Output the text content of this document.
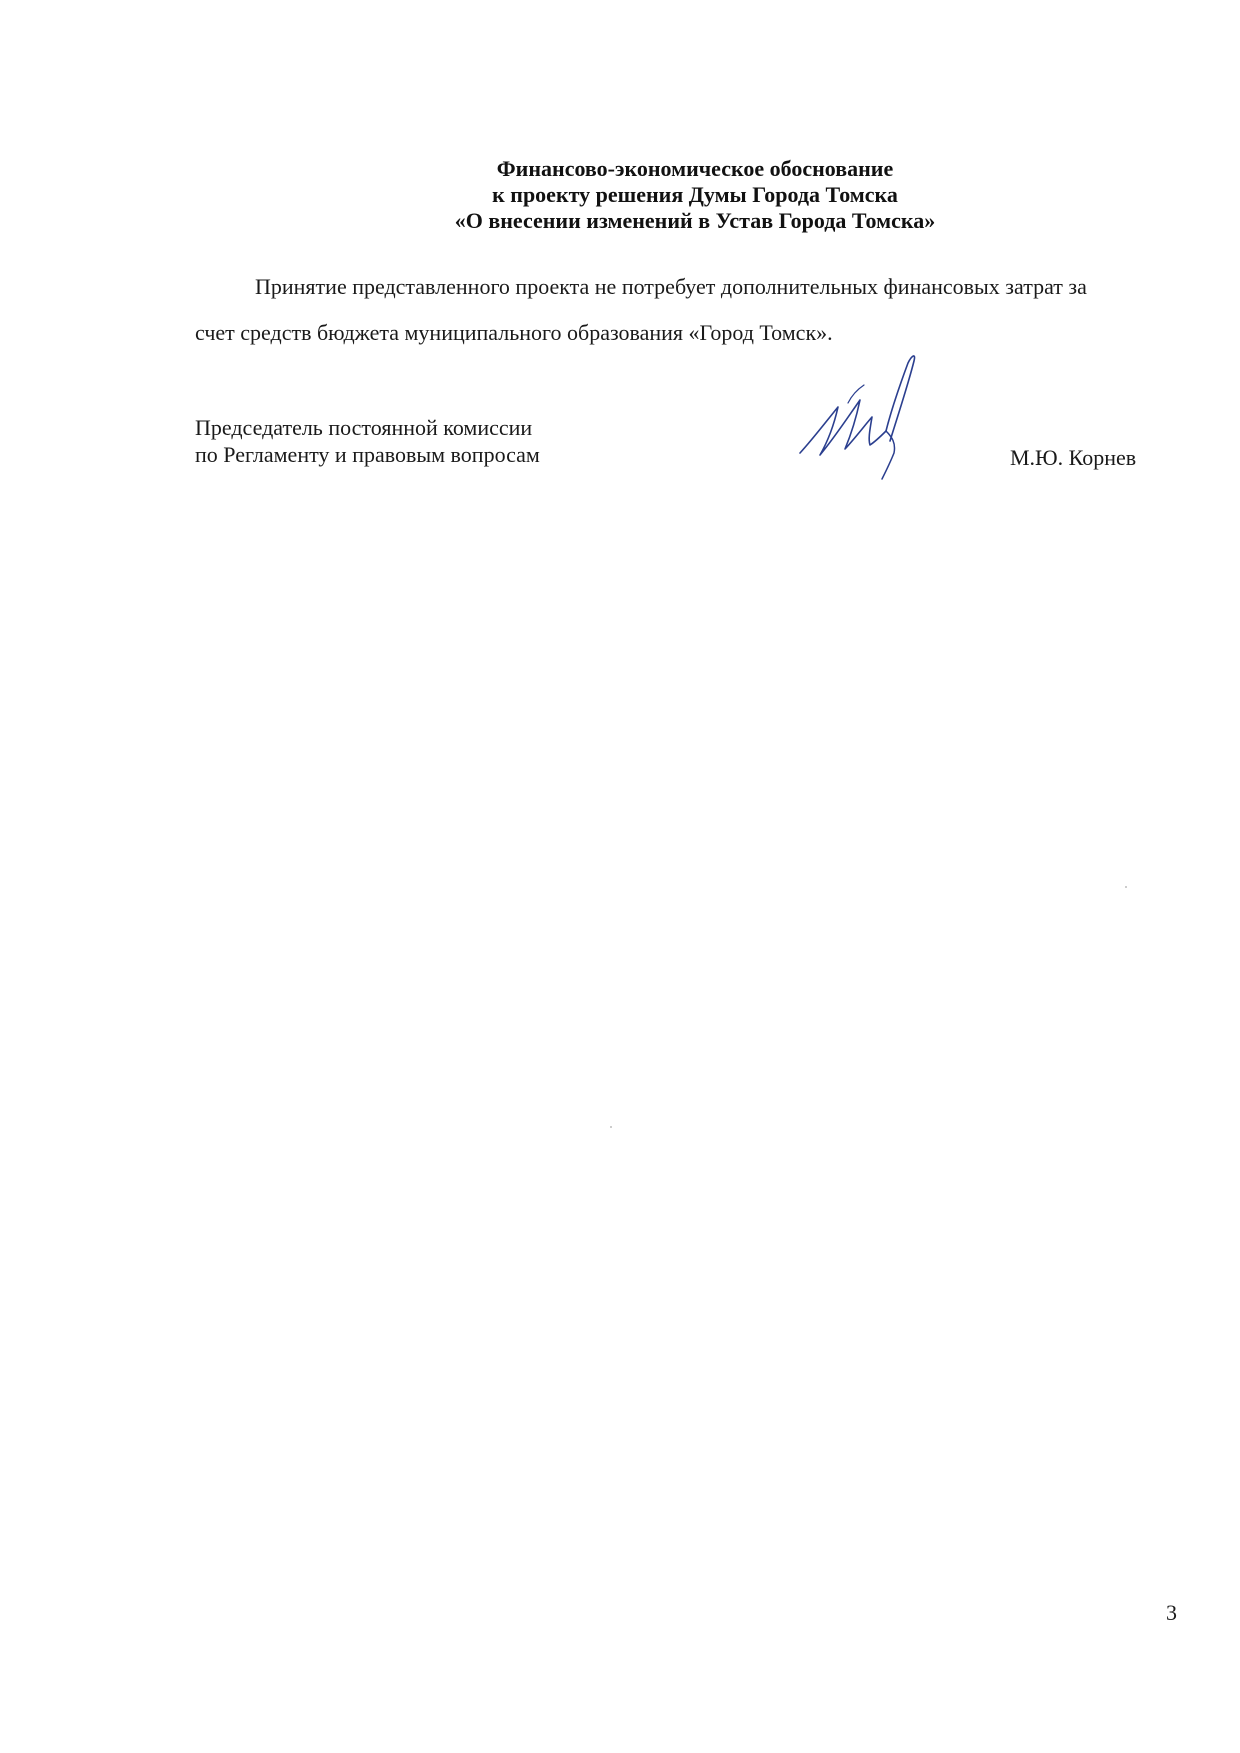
Финансово-экономическое обоснование
к проекту решения Думы Города Томска
«О внесении изменений в Устав Города Томска»
Принятие представленного проекта не потребует дополнительных финансовых затрат за
счет средств бюджета муниципального образования «Город Томск».
Председатель постоянной комиссии
по Регламенту и правовым вопросам	М.Ю. Корнев
3
